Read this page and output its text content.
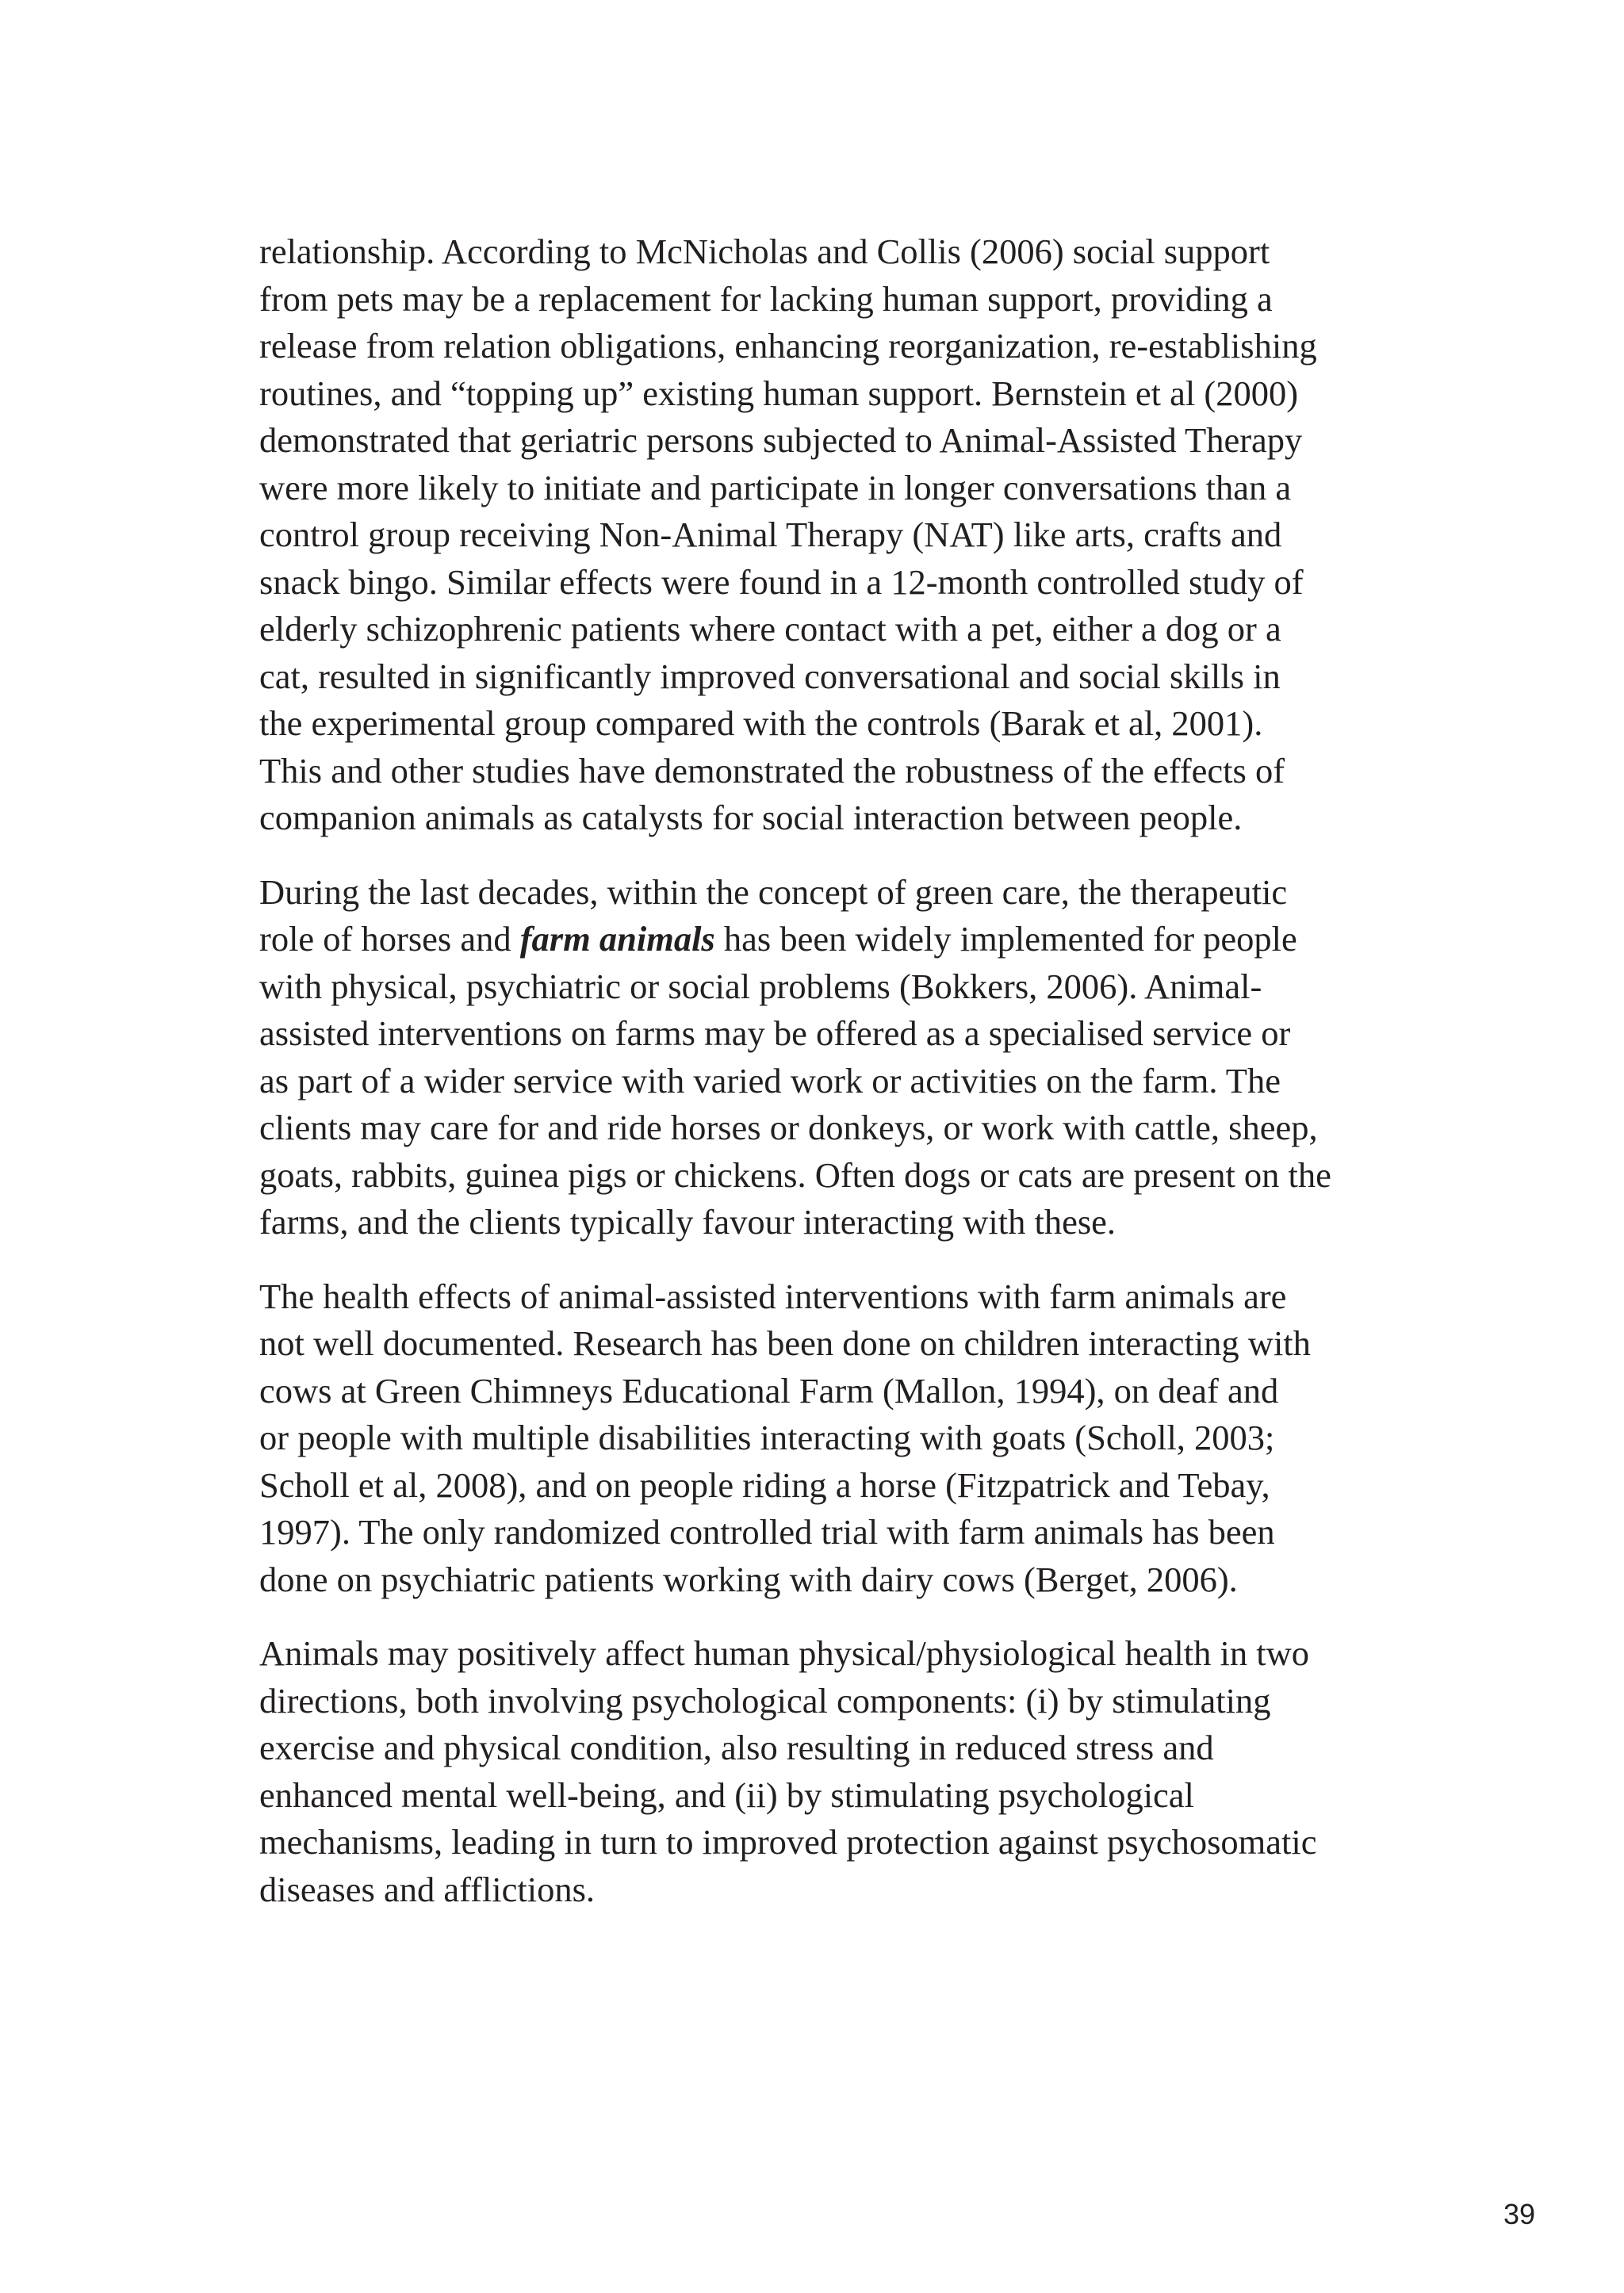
relationship. According to McNicholas and Collis (2006) social support
from pets may be a replacement for lacking human support, providing a
release from relation obligations, enhancing reorganization, re-establishing
routines, and “topping up” existing human support. Bernstein et al (2000)
demonstrated that geriatric persons subjected to Animal-Assisted Therapy
were more likely to initiate and participate in longer conversations than a
control group receiving Non-Animal Therapy (NAT) like arts, crafts and
snack bingo. Similar effects were found in a 12-month controlled study of
elderly schizophrenic patients where contact with a pet, either a dog or a
cat, resulted in significantly improved conversational and social skills in
the experimental group compared with the controls (Barak et al, 2001).
This and other studies have demonstrated the robustness of the effects of
companion animals as catalysts for social interaction between people.

During the last decades, within the concept of green care, the therapeutic
role of horses and farm animals has been widely implemented for people
with physical, psychiatric or social problems (Bokkers, 2006). Animal-
assisted interventions on farms may be offered as a specialised service or
as part of a wider service with varied work or activities on the farm. The
clients may care for and ride horses or donkeys, or work with cattle, sheep,
goats, rabbits, guinea pigs or chickens. Often dogs or cats are present on the
farms, and the clients typically favour interacting with these.

The health effects of animal-assisted interventions with farm animals are
not well documented. Research has been done on children interacting with
cows at Green Chimneys Educational Farm (Mallon, 1994), on deaf and
or people with multiple disabilities interacting with goats (Scholl, 2003;
Scholl et al, 2008), and on people riding a horse (Fitzpatrick and Tebay,
1997). The only randomized controlled trial with farm animals has been
done on psychiatric patients working with dairy cows (Berget, 2006).

Animals may positively affect human physical/physiological health in two
directions, both involving psychological components: (i) by stimulating
exercise and physical condition, also resulting in reduced stress and
enhanced mental well-being, and (ii) by stimulating psychological
mechanisms, leading in turn to improved protection against psychosomatic
diseases and afflictions.

39
